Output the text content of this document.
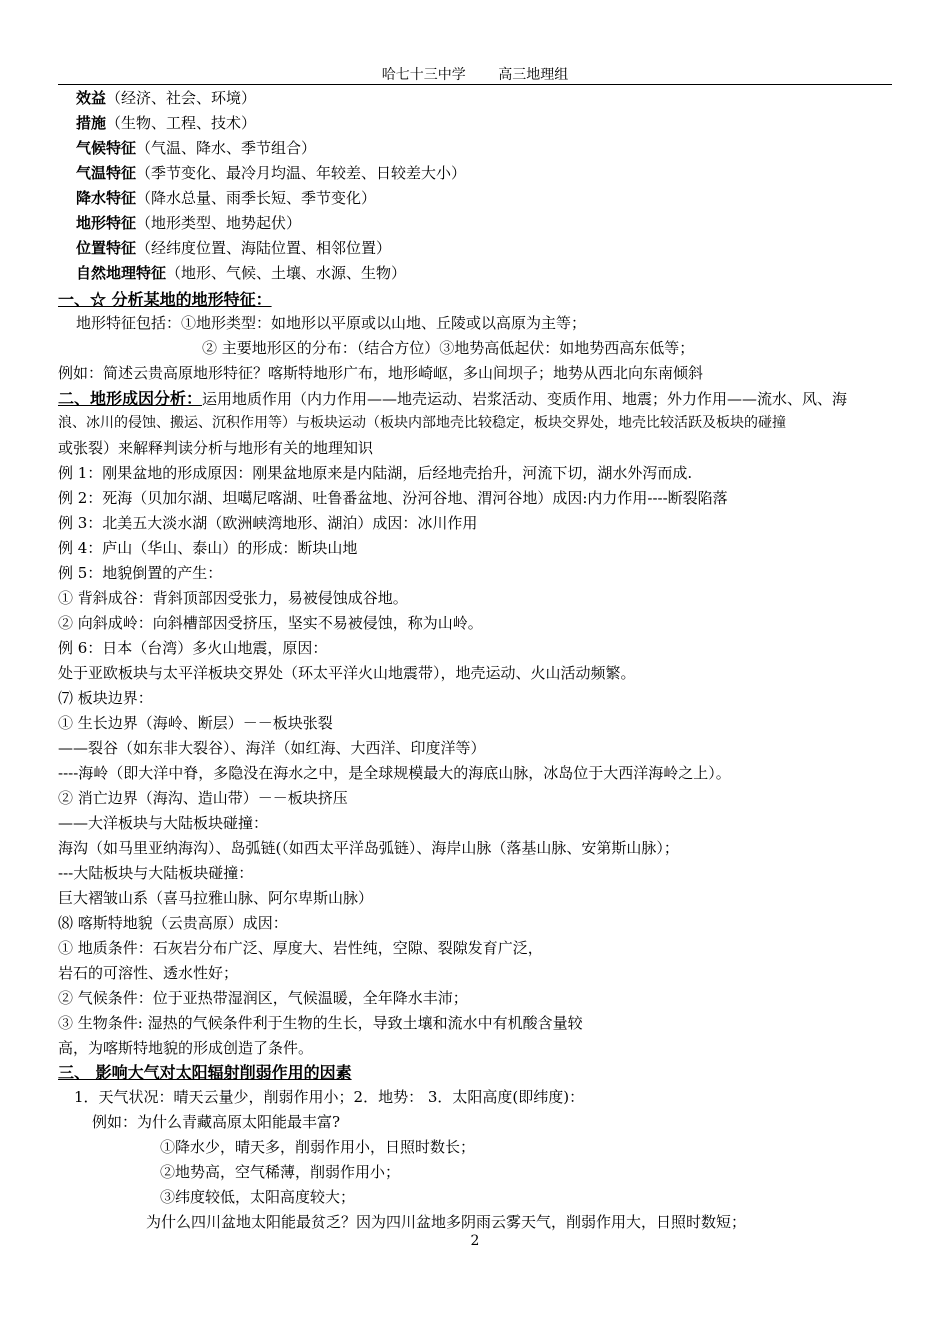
哈七十三中学 　　高三地理组
效益（经济、社会、环境）
措施（生物、工程、技术）
气候特征（气温、降水、季节组合）
气温特征（季节变化、最冷月均温、年较差、日较差大小）
降水特征（降水总量、雨季长短、季节变化）
地形特征（地形类型、地势起伏）
位置特征（经纬度位置、海陆位置、相邻位置）
自然地理特征（地形、气候、土壤、水源、生物）
一、☆ 分析某地的地形特征：
地形特征包括：①地形类型：如地形以平原或以山地、丘陵或以高原为主等；
② 主要地形区的分布：（结合方位）③地势高低起伏：如地势西高东低等；
例如：简述云贵高原地形特征？喀斯特地形广布，地形崎岖，多山间坝子；地势从西北向东南倾斜
二、地形成因分析：运用地质作用（内力作用——地壳运动、岩浆活动、变质作用、地震；外力作用——流水、风、海
浪、冰川的侵蚀、搬运、沉积作用等）与板块运动（板块内部地壳比较稳定，板块交界处，地壳比较活跃及板块的碰撞
或张裂）来解释判读分析与地形有关的地理知识
例 1：刚果盆地的形成原因：刚果盆地原来是内陆湖，后经地壳抬升，河流下切，湖水外泻而成.
例 2：死海（贝加尔湖、坦噶尼喀湖、吐鲁番盆地、汾河谷地、渭河谷地）成因:内力作用----断裂陷落
例 3：北美五大淡水湖（欧洲峡湾地形、湖泊）成因：冰川作用
例 4：庐山（华山、泰山）的形成：断块山地
例 5：地貌倒置的产生：
① 背斜成谷：背斜顶部因受张力，易被侵蚀成谷地。
② 向斜成岭：向斜槽部因受挤压，坚实不易被侵蚀，称为山岭。
例 6：日本（台湾）多火山地震，原因：
处于亚欧板块与太平洋板块交界处（环太平洋火山地震带），地壳运动、火山活动频繁。
⑺ 板块边界：
① 生长边界（海岭、断层）－－板块张裂
——裂谷（如东非大裂谷）、海洋（如红海、大西洋、印度洋等）
----海岭（即大洋中脊，多隐没在海水之中，是全球规模最大的海底山脉，冰岛位于大西洋海岭之上）。
② 消亡边界（海沟、造山带）－－板块挤压
——大洋板块与大陆板块碰撞：
海沟（如马里亚纳海沟）、岛弧链(（如西太平洋岛弧链）、海岸山脉（落基山脉、安第斯山脉）；
---大陆板块与大陆板块碰撞：
巨大褶皱山系（喜马拉雅山脉、阿尔卑斯山脉）
⑻ 喀斯特地貌（云贵高原）成因：
① 地质条件：石灰岩分布广泛、厚度大、岩性纯，空隙、裂隙发育广泛，
岩石的可溶性、透水性好；
② 气候条件：位于亚热带湿润区，气候温暖，全年降水丰沛；
③ 生物条件: 湿热的气候条件利于生物的生长，导致土壤和流水中有机酸含量较
高，为喀斯特地貌的形成创造了条件。
三、 影响大气对太阳辐射削弱作用的因素
1．天气状况：晴天云量少，削弱作用小；2．地势： 3．太阳高度(即纬度)：
例如：为什么青藏高原太阳能最丰富?
①降水少，晴天多，削弱作用小，日照时数长；
②地势高，空气稀薄，削弱作用小；
③纬度较低，太阳高度较大；
为什么四川盆地太阳能最贫乏？因为四川盆地多阴雨云雾天气，削弱作用大，日照时数短；
2
